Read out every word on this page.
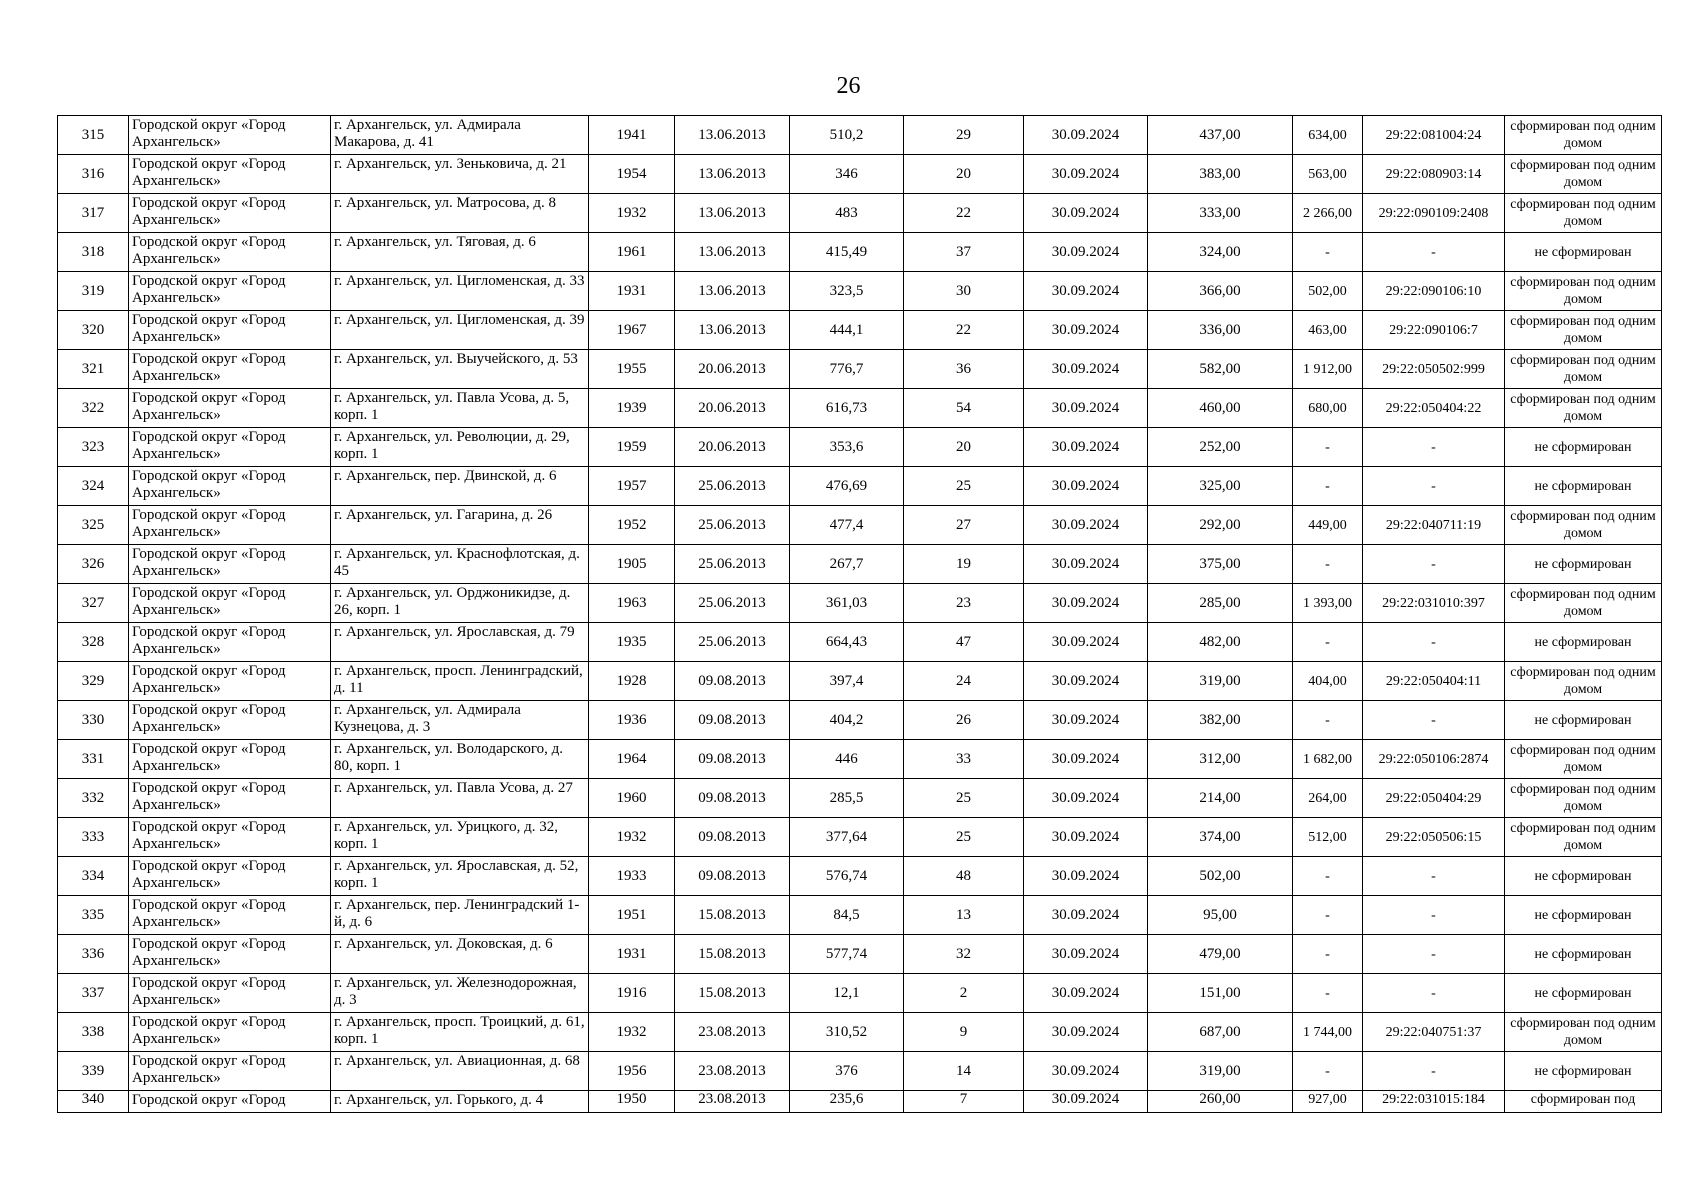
26
315	Городской округ «Город Архангельск»	г. Архангельск, ул. Адмирала Макарова, д. 41	1941	13.06.2013	510,2	29	30.09.2024	437,00	634,00	29:22:081004:24	сформирован под одним домом
316	Городской округ «Город Архангельск»	г. Архангельск, ул. Зеньковича, д. 21	1954	13.06.2013	346	20	30.09.2024	383,00	563,00	29:22:080903:14	сформирован под одним домом
317	Городской округ «Город Архангельск»	г. Архангельск, ул. Матросова, д. 8	1932	13.06.2013	483	22	30.09.2024	333,00	2 266,00	29:22:090109:2408	сформирован под одним домом
318	Городской округ «Город Архангельск»	г. Архангельск, ул. Тяговая, д. 6	1961	13.06.2013	415,49	37	30.09.2024	324,00	-	-	не сформирован
319	Городской округ «Город Архангельск»	г. Архангельск, ул. Цигломенская, д. 33	1931	13.06.2013	323,5	30	30.09.2024	366,00	502,00	29:22:090106:10	сформирован под одним домом
320	Городской округ «Город Архангельск»	г. Архангельск, ул. Цигломенская, д. 39	1967	13.06.2013	444,1	22	30.09.2024	336,00	463,00	29:22:090106:7	сформирован под одним домом
321	Городской округ «Город Архангельск»	г. Архангельск, ул. Выучейского, д. 53	1955	20.06.2013	776,7	36	30.09.2024	582,00	1 912,00	29:22:050502:999	сформирован под одним домом
322	Городской округ «Город Архангельск»	г. Архангельск, ул. Павла Усова, д. 5, корп. 1	1939	20.06.2013	616,73	54	30.09.2024	460,00	680,00	29:22:050404:22	сформирован под одним домом
323	Городской округ «Город Архангельск»	г. Архангельск, ул. Революции, д. 29, корп. 1	1959	20.06.2013	353,6	20	30.09.2024	252,00	-	-	не сформирован
324	Городской округ «Город Архангельск»	г. Архангельск, пер. Двинской, д. 6	1957	25.06.2013	476,69	25	30.09.2024	325,00	-	-	не сформирован
325	Городской округ «Город Архангельск»	г. Архангельск, ул. Гагарина, д. 26	1952	25.06.2013	477,4	27	30.09.2024	292,00	449,00	29:22:040711:19	сформирован под одним домом
326	Городской округ «Город Архангельск»	г. Архангельск, ул. Краснофлотская, д. 45	1905	25.06.2013	267,7	19	30.09.2024	375,00	-	-	не сформирован
327	Городской округ «Город Архангельск»	г. Архангельск, ул. Орджоникидзе, д. 26, корп. 1	1963	25.06.2013	361,03	23	30.09.2024	285,00	1 393,00	29:22:031010:397	сформирован под одним домом
328	Городской округ «Город Архангельск»	г. Архангельск, ул. Ярославская, д. 79	1935	25.06.2013	664,43	47	30.09.2024	482,00	-	-	не сформирован
329	Городской округ «Город Архангельск»	г. Архангельск, просп. Ленинградский, д. 11	1928	09.08.2013	397,4	24	30.09.2024	319,00	404,00	29:22:050404:11	сформирован под одним домом
330	Городской округ «Город Архангельск»	г. Архангельск, ул. Адмирала Кузнецова, д. 3	1936	09.08.2013	404,2	26	30.09.2024	382,00	-	-	не сформирован
331	Городской округ «Город Архангельск»	г. Архангельск, ул. Володарского, д. 80, корп. 1	1964	09.08.2013	446	33	30.09.2024	312,00	1 682,00	29:22:050106:2874	сформирован под одним домом
332	Городской округ «Город Архангельск»	г. Архангельск, ул. Павла Усова, д. 27	1960	09.08.2013	285,5	25	30.09.2024	214,00	264,00	29:22:050404:29	сформирован под одним домом
333	Городской округ «Город Архангельск»	г. Архангельск, ул. Урицкого, д. 32, корп. 1	1932	09.08.2013	377,64	25	30.09.2024	374,00	512,00	29:22:050506:15	сформирован под одним домом
334	Городской округ «Город Архангельск»	г. Архангельск, ул. Ярославская, д. 52, корп. 1	1933	09.08.2013	576,74	48	30.09.2024	502,00	-	-	не сформирован
335	Городской округ «Город Архангельск»	г. Архангельск, пер. Ленинградский 1-й, д. 6	1951	15.08.2013	84,5	13	30.09.2024	95,00	-	-	не сформирован
336	Городской округ «Город Архангельск»	г. Архангельск, ул. Доковская, д. 6	1931	15.08.2013	577,74	32	30.09.2024	479,00	-	-	не сформирован
337	Городской округ «Город Архангельск»	г. Архангельск, ул. Железнодорожная, д. 3	1916	15.08.2013	12,1	2	30.09.2024	151,00	-	-	не сформирован
338	Городской округ «Город Архангельск»	г. Архангельск, просп. Троицкий, д. 61, корп. 1	1932	23.08.2013	310,52	9	30.09.2024	687,00	1 744,00	29:22:040751:37	сформирован под одним домом
339	Городской округ «Город Архангельск»	г. Архангельск, ул. Авиационная, д. 68	1956	23.08.2013	376	14	30.09.2024	319,00	-	-	не сформирован
340	Городской округ «Город	г. Архангельск, ул. Горького, д. 4	1950	23.08.2013	235,6	7	30.09.2024	260,00	927,00	29:22:031015:184	сформирован под
